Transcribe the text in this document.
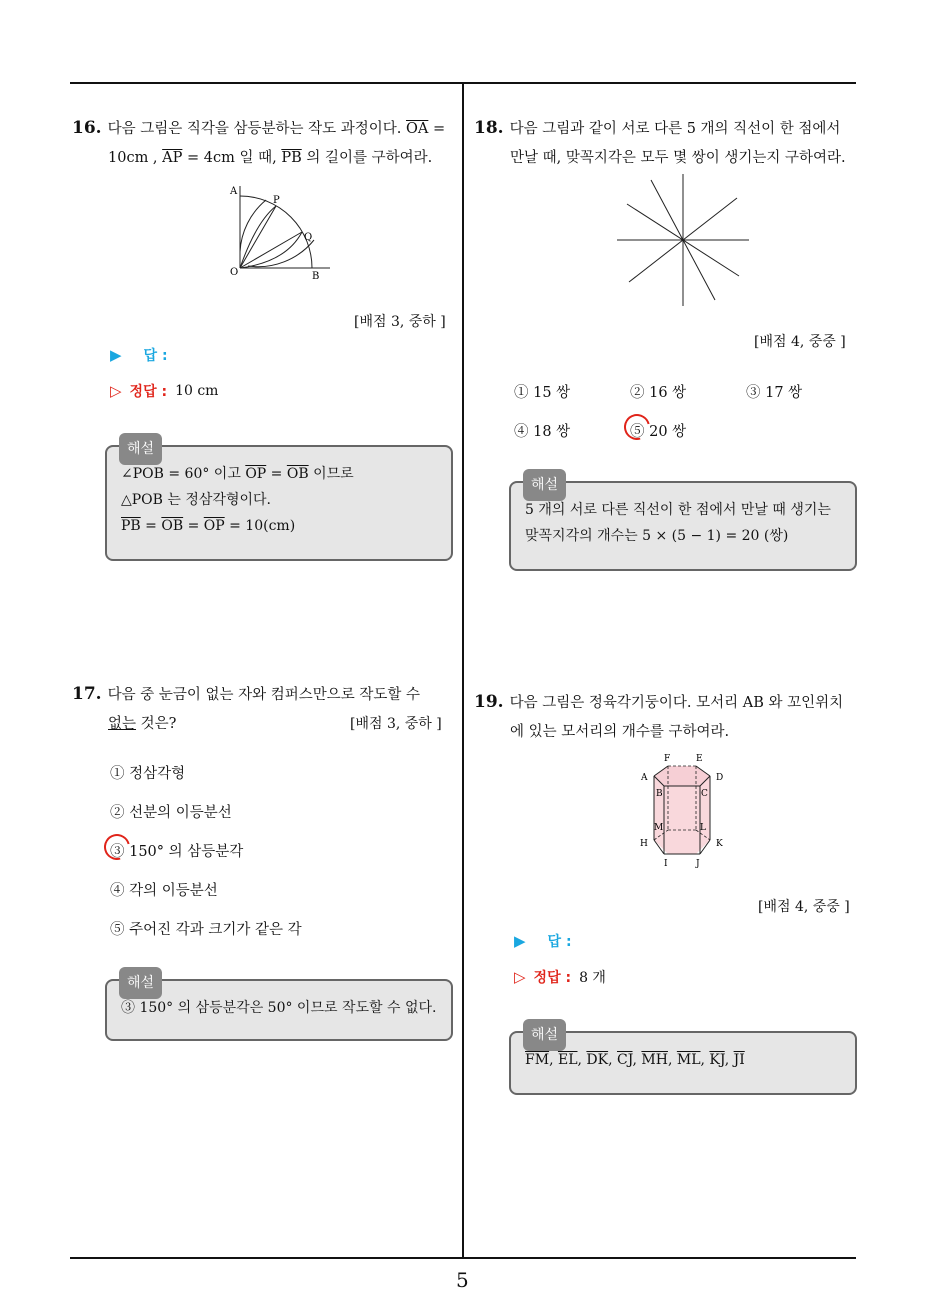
16. 다음 그림은 직각을 삼등분하는 작도 과정이다. $\overline{OA}$ =
10cm , $\overline{AP} = 4cm$ 일 때, $\overline{PB}$ 의 길이를 구하여라.
A
P
Q
O	B
[배점 3, 중하 ]
▶ 답 :
▷ 정답 : 10 cm
해설
∠POB = 60° 이고 $\overline{OP} = \overline{OB}$ 이므로
△POB 는 정삼각형이다.
$\overline{PB} = \overline{OB} = \overline{OP} = 10(cm)$
17. 다음 중 눈금이 없는 자와 컴퍼스만으로 작도할 수
없는 것은?	[배점 3, 중하 ]
① 정삼각형
② 선분의 이등분선
③ 150° 의 삼등분각
④ 각의 이등분선
⑤ 주어진 각과 크기가 같은 각
해설
③ 150° 의 삼등분각은 50° 이므로 작도할 수 없다.
18. 다음 그림과 같이 서로 다른 5 개의 직선이 한 점에서
만날 때, 맞꼭지각은 모두 몇 쌍이 생기는지 구하여라.
[배점 4, 중중 ]
① 15 쌍	② 16 쌍	③ 17 쌍
④ 18 쌍	⑤ 20 쌍
해설
5 개의 서로 다른 직선이 한 점에서 만날 때 생기는
맞꼭지각의 개수는 5 × (5 − 1) = 20 (쌍)
19. 다음 그림은 정육각기둥이다. 모서리 AB 와 꼬인위치
에 있는 모서리의 개수를 구하여라.
F	E
A	D
B	C
M	L
H	K
I	J
[배점 4, 중중 ]
▶ 답 :
▷ 정답 : 8 개
해설
$\overline{FM}$, $\overline{EL}$, $\overline{DK}$, $\overline{CJ}$, $\overline{MH}$, $\overline{ML}$, $\overline{KJ}$, $\overline{JI}$
5
